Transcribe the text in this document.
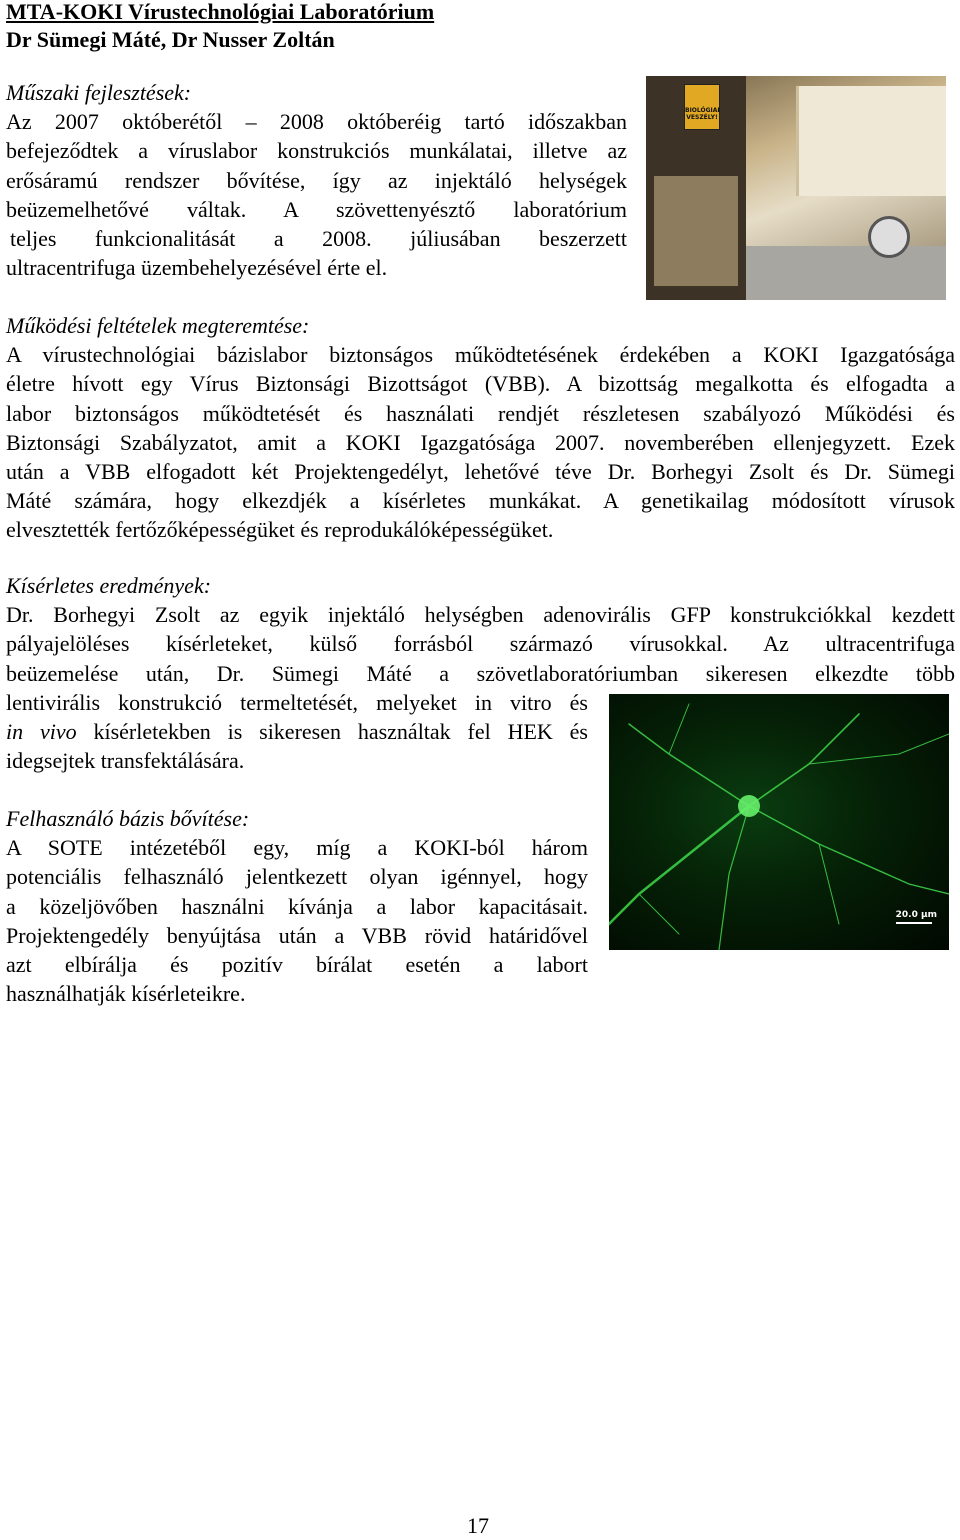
MTA-KOKI Vírustechnológiai Laboratórium

Dr Sümegi Máté, Dr Nusser Zoltán

Műszaki fejlesztések:

Az 2007 októberétől – 2008 októberéig tartó időszakban

befejeződtek a víruslabor konstrukciós munkálatai, illetve az

erősáramú rendszer bővítése, így az injektáló helységek

beüzemelhetővé váltak. A szövettenyésztő laboratórium

teljes funkcionalitását a 2008. júliusában beszerzett

ultracentrifuga üzembehelyezésével érte el.

BIOLÓGIAI VESZÉLY!

Működési feltételek megteremtése:

A vírustechnológiai bázislabor biztonságos működtetésének érdekében a KOKI Igazgatósága

életre hívott egy Vírus Biztonsági Bizottságot (VBB). A bizottság megalkotta és elfogadta a

labor biztonságos működtetését és használati rendjét részletesen szabályozó Működési és

Biztonsági Szabályzatot, amit a KOKI Igazgatósága 2007. novemberében ellenjegyzett. Ezek

után a VBB elfogadott két Projektengedélyt, lehetővé téve Dr. Borhegyi Zsolt és Dr. Sümegi

Máté számára, hogy elkezdjék a kísérletes munkákat. A genetikailag módosított vírusok

elvesztették fertőzőképességüket és reprodukálóképességüket.

Kísérletes eredmények:

Dr. Borhegyi Zsolt az egyik injektáló helységben adenovirális GFP konstrukciókkal kezdett

pályajelöléses kísérleteket, külső forrásból származó vírusokkal. Az ultracentrifuga

beüzemelése után, Dr. Sümegi Máté a szövetlaboratóriumban sikeresen elkezdte több

lentivirális konstrukció termeltetését, melyeket in vitro és

in vivo kísérletekben is sikeresen használtak fel HEK és

idegsejtek transfektálására.

Felhasználó bázis bővítése:

A SOTE intézetéből egy, míg a KOKI-ból három

potenciális felhasználó jelentkezett olyan igénnyel, hogy

a közeljövőben használni kívánja a labor kapacitásait.

Projektengedély benyújtása után a VBB rövid határidővel

azt elbírálja és pozitív bírálat esetén a labort

használhatják kísérleteikre.

20.0 µm

17
